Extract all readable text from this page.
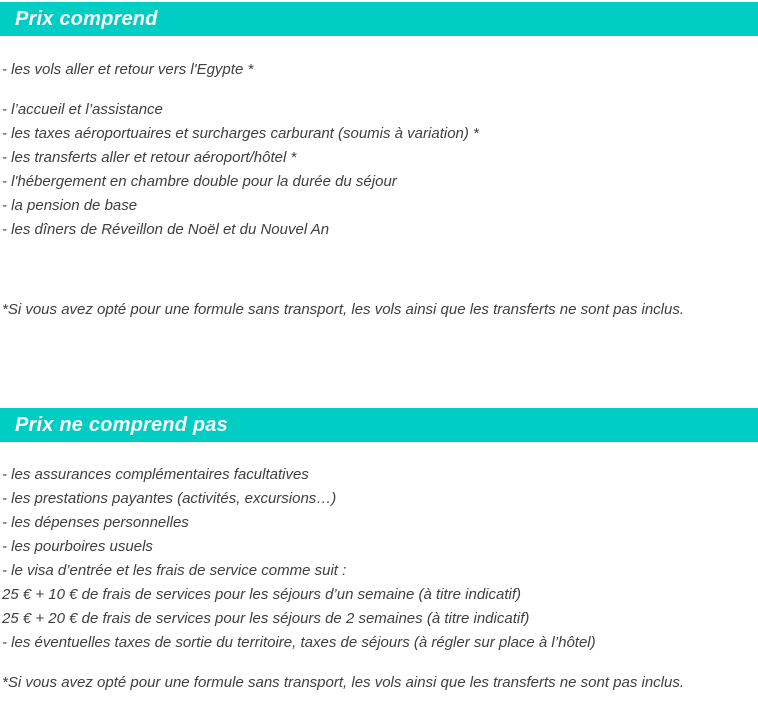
Prix comprend

- les vols aller et retour vers l'Egypte *

- l’accueil et l’assistance

- les taxes aéroportuaires et surcharges carburant (soumis à variation) *

- les transferts aller et retour aéroport/hôtel *

- l'hébergement en chambre double pour la durée du séjour

- la pension de base

- les dîners de Réveillon de Noël et du Nouvel An

*Si vous avez opté pour une formule sans transport, les vols ainsi que les transferts ne sont pas inclus.

Prix ne comprend pas

- les assurances complémentaires facultatives

- les prestations payantes (activités, excursions…)

- les dépenses personnelles

- les pourboires usuels

- le visa d’entrée et les frais de service comme suit :

25 € + 10 € de frais de services pour les séjours d’un semaine (à titre indicatif)

25 € + 20 € de frais de services pour les séjours de 2 semaines (à titre indicatif)

- les éventuelles taxes de sortie du territoire, taxes de séjours (à régler sur place à l’hôtel)

*Si vous avez opté pour une formule sans transport, les vols ainsi que les transferts ne sont pas inclus.
